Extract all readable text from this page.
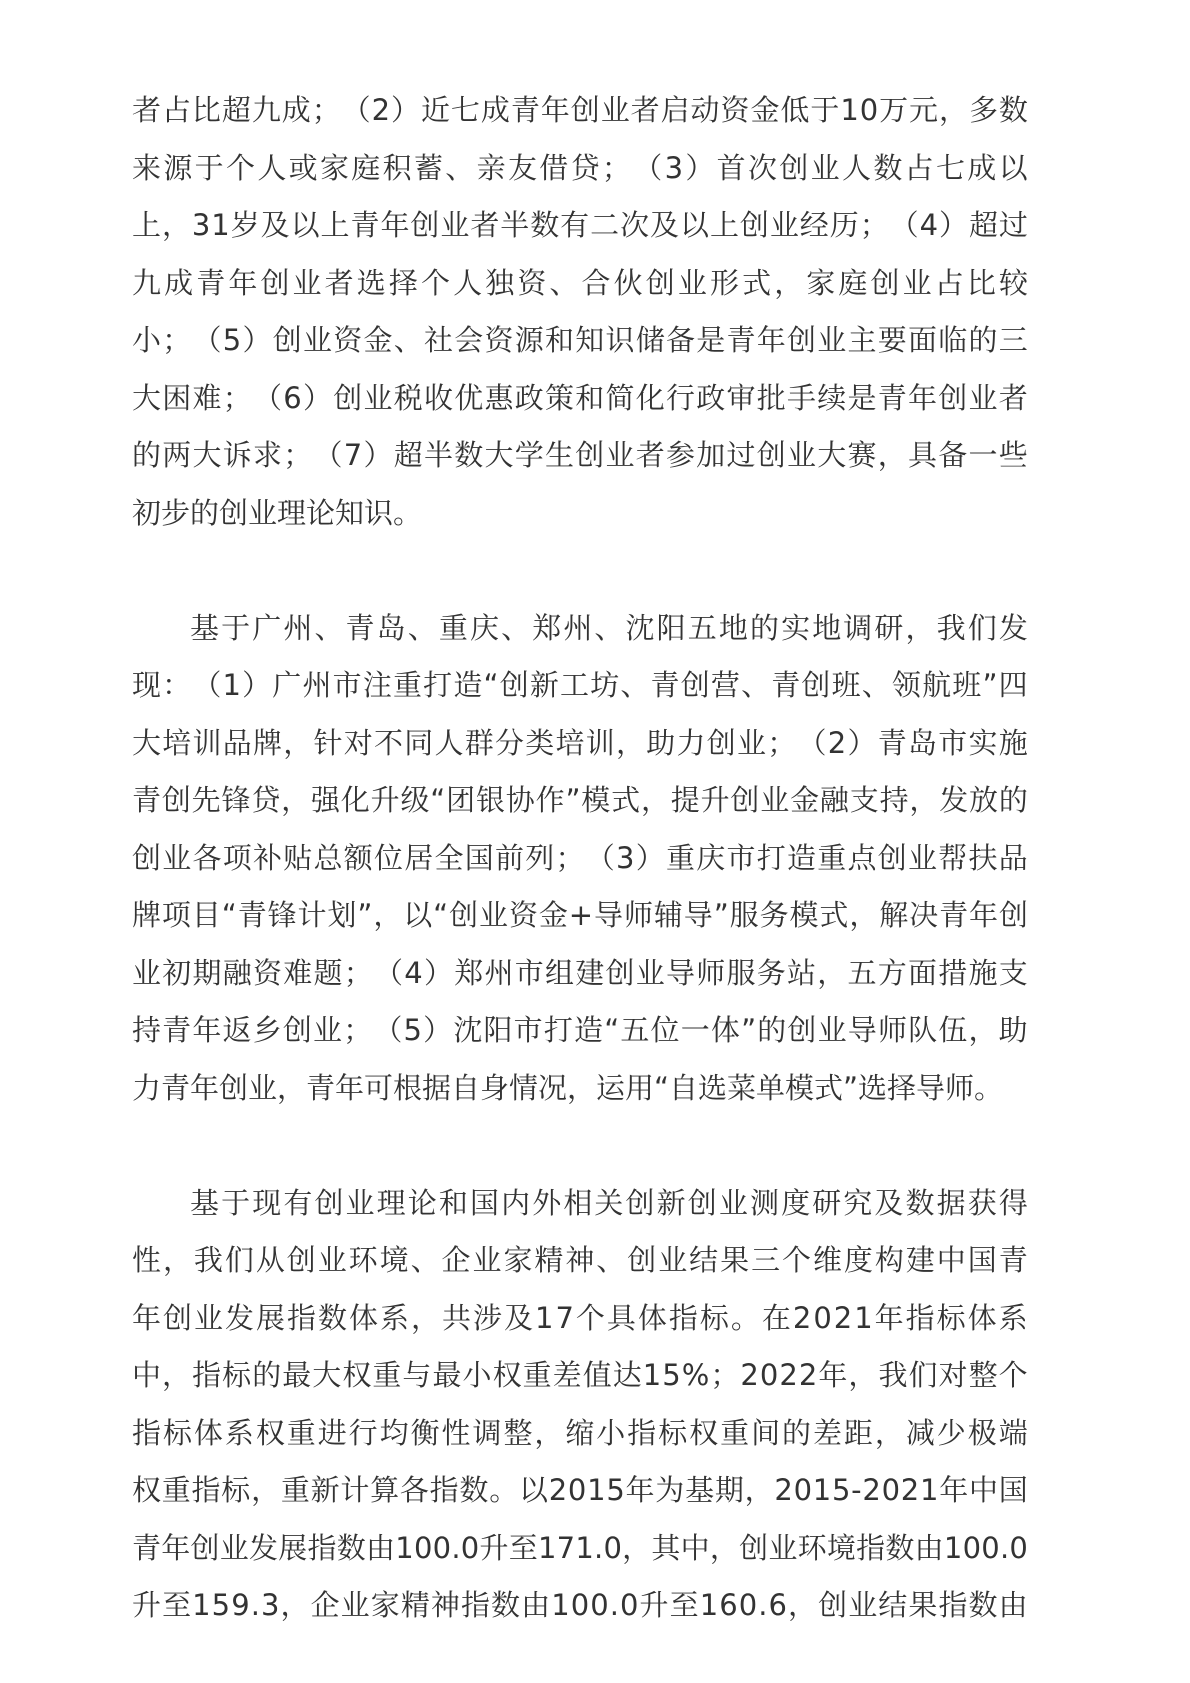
者 占 比 超 九 成 ； （ 2 ） 近 七 成 青 年 创 业 者 启 动 资 金 低 于 1 0 万 元 ， 多 数
来 源 于 个 人 或 家 庭 积 蓄 、 亲 友 借 贷 ； （ 3 ） 首 次 创 业 人 数 占 七 成 以
上 ， 3 1 岁 及 以 上 青 年 创 业 者 半 数 有 二 次 及 以 上 创 业 经 历 ； （ 4 ） 超 过
九 成 青 年 创 业 者 选 择 个 人 独 资 、 合 伙 创 业 形 式 ， 家 庭 创 业 占 比 较
小 ； （ 5 ） 创 业 资 金 、 社 会 资 源 和 知 识 储 备 是 青 年 创 业 主 要 面 临 的 三
大 困 难 ； （ 6 ） 创 业 税 收 优 惠 政 策 和 简 化 行 政 审 批 手 续 是 青 年 创 业 者
的 两 大 诉 求 ； （ 7 ） 超 半 数 大 学 生 创 业 者 参 加 过 创 业 大 赛 ， 具 备 一 些
初步的创业理论知识。
基 于 广 州 、 青 岛 、 重 庆 、 郑 州 、 沈 阳 五 地 的 实 地 调 研 ， 我 们 发
现 ： （ 1 ） 广 州 市 注 重 打 造 “ 创 新 工 坊 、 青 创 营 、 青 创 班 、 领 航 班 ” 四
大 培 训 品 牌 ， 针 对 不 同 人 群 分 类 培 训 ， 助 力 创 业 ； （ 2 ） 青 岛 市 实 施
青 创 先 锋 贷 ， 强 化 升 级 “ 团 银 协 作 ” 模 式 ， 提 升 创 业 金 融 支 持 ， 发 放 的
创 业 各 项 补 贴 总 额 位 居 全 国 前 列 ； （ 3 ） 重 庆 市 打 造 重 点 创 业 帮 扶 品
牌 项 目 “ 青 锋 计 划 ” ， 以 “ 创 业 资 金 + 导 师 辅 导 ” 服 务 模 式 ， 解 决 青 年 创
业 初 期 融 资 难 题 ； （ 4 ） 郑 州 市 组 建 创 业 导 师 服 务 站 ， 五 方 面 措 施 支
持 青 年 返 乡 创 业 ； （ 5 ） 沈 阳 市 打 造 “ 五 位 一 体 ” 的 创 业 导 师 队 伍 ， 助
力青年创业，青年可根据自身情况，运用“自选菜单模式”选择导师。
基 于 现 有 创 业 理 论 和 国 内 外 相 关 创 新 创 业 测 度 研 究 及 数 据 获 得
性 ， 我 们 从 创 业 环 境 、 企 业 家 精 神 、 创 业 结 果 三 个 维 度 构 建 中 国 青
年 创 业 发 展 指 数 体 系 ， 共 涉 及 1 7 个 具 体 指 标 。 在 2 0 2 1 年 指 标 体 系
中 ， 指 标 的 最 大 权 重 与 最 小 权 重 差 值 达 1 5 % ； 2 0 2 2 年 ， 我 们 对 整 个
指 标 体 系 权 重 进 行 均 衡 性 调 整 ， 缩 小 指 标 权 重 间 的 差 距 ， 减 少 极 端
权 重 指 标 ， 重 新 计 算 各 指 数 。 以 2 0 1 5 年 为 基 期 ， 2 0 1 5 - 2 0 2 1 年 中 国
青 年 创 业 发 展 指 数 由 1 0 0 . 0 升 至 1 7 1 . 0 ， 其 中 ， 创 业 环 境 指 数 由 1 0 0 . 0
升 至 1 5 9 . 3 ， 企 业 家 精 神 指 数 由 1 0 0 . 0 升 至 1 6 0 . 6 ， 创 业 结 果 指 数 由
